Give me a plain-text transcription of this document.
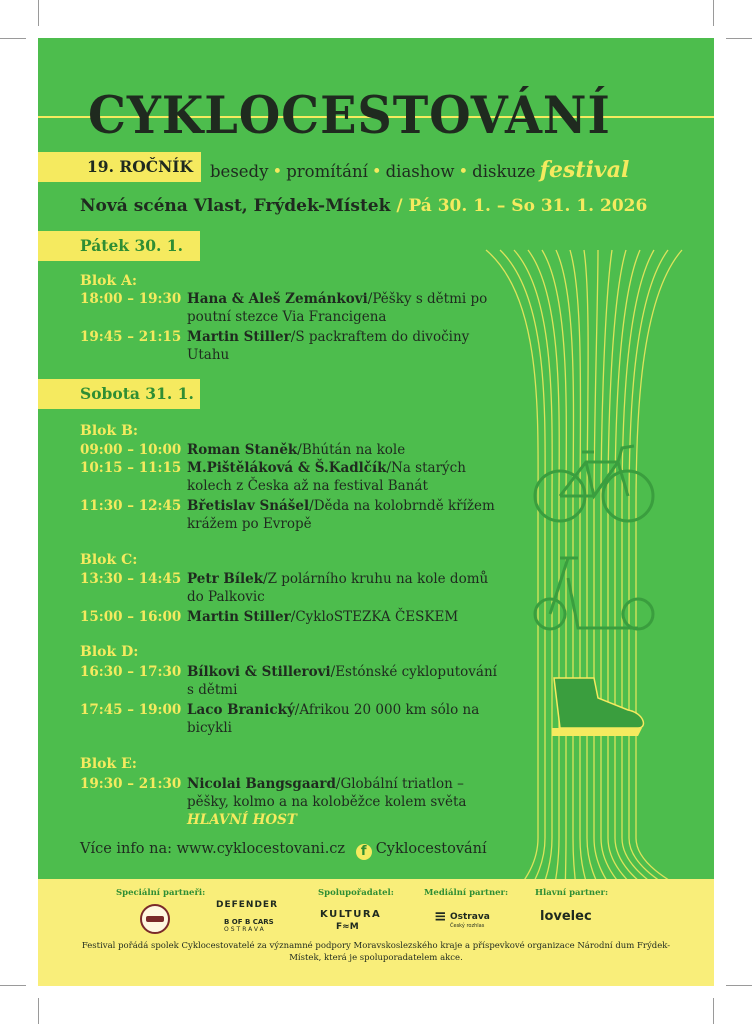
CYKLOCESTOVÁNÍ
19. ROČNÍK besedy • promítání • diashow • diskuze festival
Nová scéna Vlast, Frýdek-Místek / Pá 30. 1. – So 31. 1. 2026
Pátek 30. 1.
Blok A:
18:00 – 19:30 Hana & Aleš Zemánkovi/Pěšky s dětmi po poutní stezce Via Francigena
19:45 – 21:15 Martin Stiller/S packraftem do divočiny Utahu
Sobota 31. 1.
Blok B:
09:00 – 10:00 Roman Staněk/Bhútán na kole
10:15 – 11:15 M.Pištěláková & Š.Kadlčík/Na starých kolech z Česka až na festival Banát
11:30 – 12:45 Břetislav Snášel/Děda na kolobrndě křížem krážem po Evropě
Blok C:
13:30 – 14:45 Petr Bílek/Z polárního kruhu na kole domů do Palkovic
15:00 – 16:00 Martin Stiller/CykloSTEZKA ČESKEM
Blok D:
16:30 – 17:30 Bílkovi & Stillerovi/Estónské cykloputování s dětmi
17:45 – 19:00 Laco Branický/Afrikou 20 000 km sólo na bicykli
Blok E:
19:30 – 21:30 Nicolai Bangsgaard/Globální triatlon – pěšky, kolmo a na koloběžce kolem světa
HLAVNÍ HOST
Více info na: www.cyklocestovani.cz f Cyklocestování
Speciální partneři:
DEFENDER
B OF B CARS
OSTRAVA
Spolupořadatel:
KULTURA
F≈M
Mediální partner:
≡ Ostrava
Český rozhlas
Hlavní partner:
lovelec
Festival pořádá spolek Cyklocestovatelé za významné podpory Moravskoslezského kraje a příspevkové organizace Národní dum Frýdek-Místek, která je spoluporadatelem akce.
